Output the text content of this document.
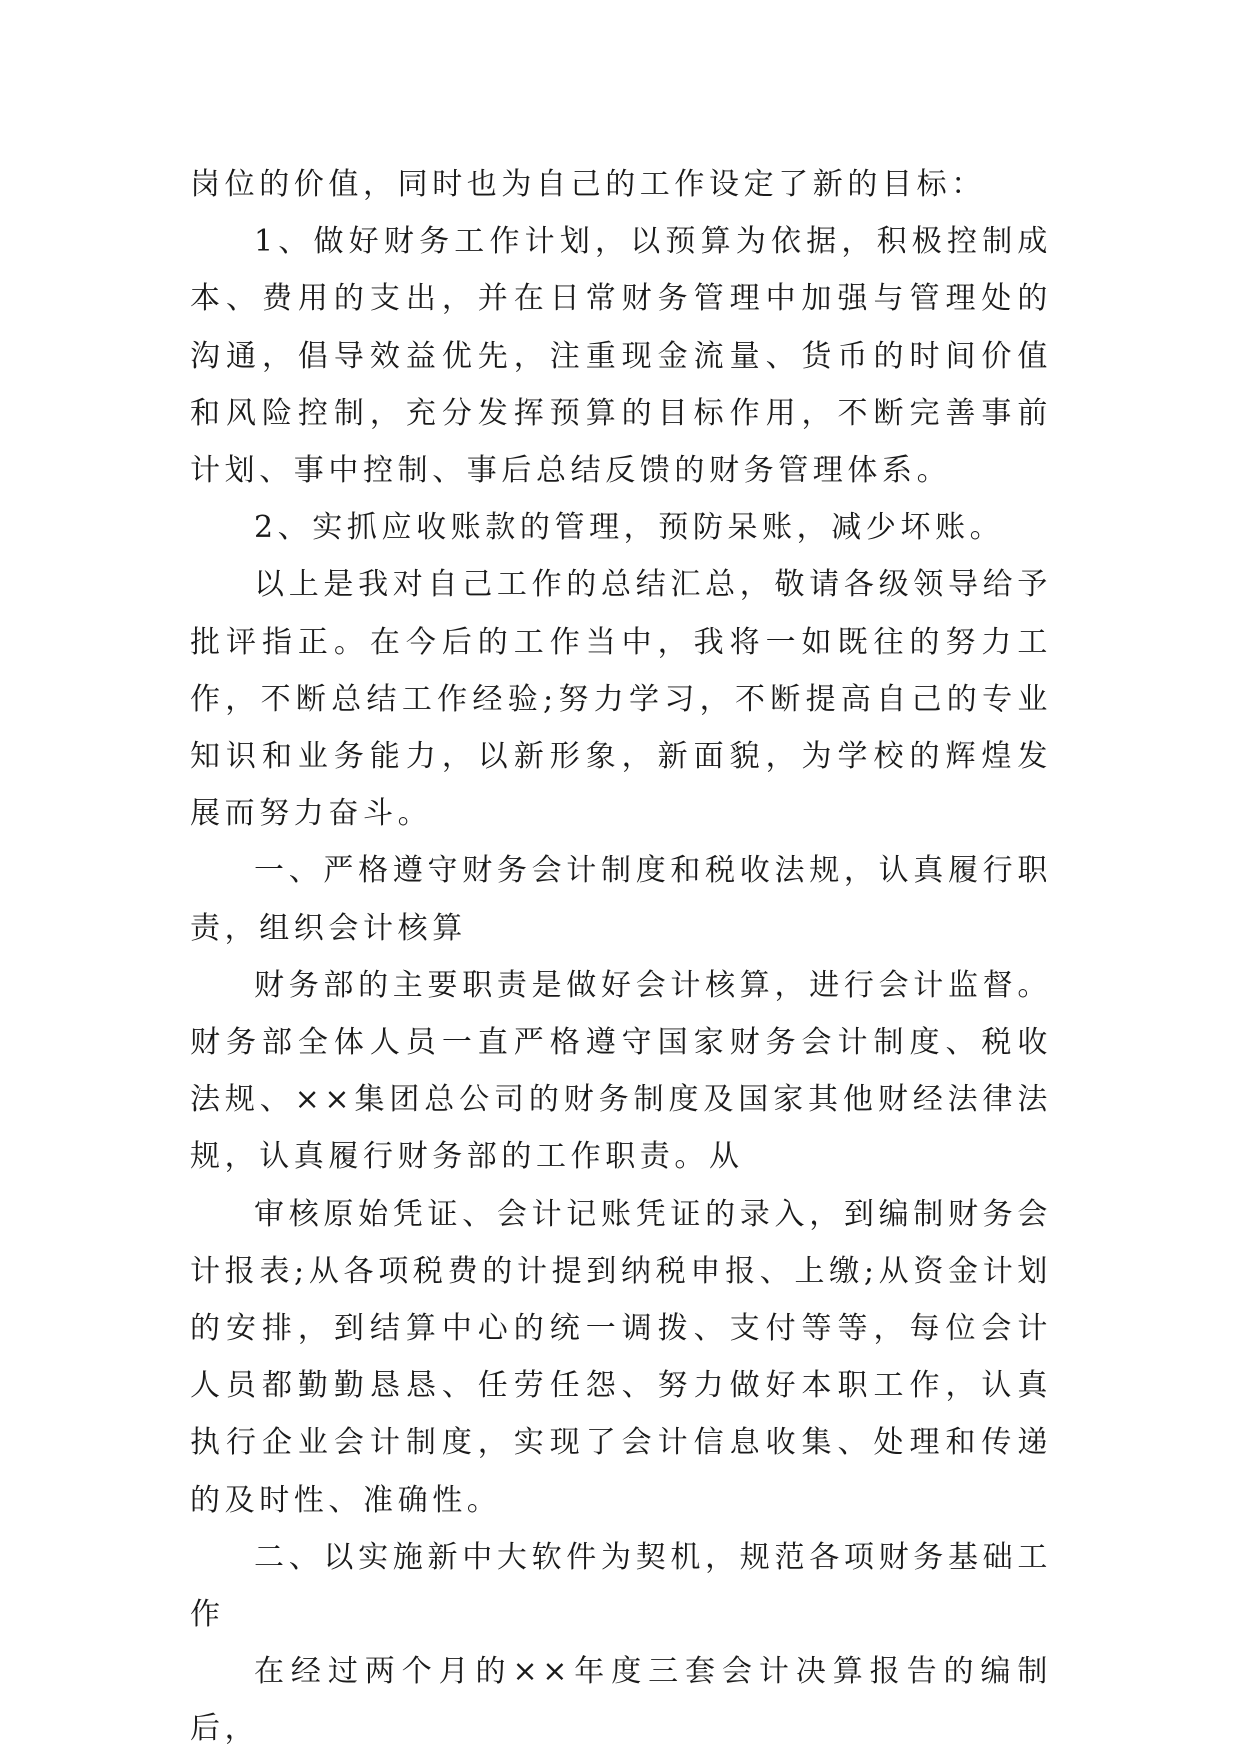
岗位的价值，同时也为自己的工作设定了新的目标：

1、做好财务工作计划，以预算为依据，积极控制成本、费用的支出，并在日常财务管理中加强与管理处的沟通，倡导效益优先，注重现金流量、货币的时间价值和风险控制，充分发挥预算的目标作用，不断完善事前计划、事中控制、事后总结反馈的财务管理体系。

2、实抓应收账款的管理，预防呆账，减少坏账。

以上是我对自己工作的总结汇总，敬请各级领导给予批评指正。在今后的工作当中，我将一如既往的努力工作，不断总结工作经验;努力学习，不断提高自己的专业知识和业务能力，以新形象，新面貌，为学校的辉煌发展而努力奋斗。

一、严格遵守财务会计制度和税收法规，认真履行职责，组织会计核算

财务部的主要职责是做好会计核算，进行会计监督。财务部全体人员一直严格遵守国家财务会计制度、税收法规、××集团总公司的财务制度及国家其他财经法律法规，认真履行财务部的工作职责。从

审核原始凭证、会计记账凭证的录入，到编制财务会计报表;从各项税费的计提到纳税申报、上缴;从资金计划的安排，到结算中心的统一调拨、支付等等，每位会计人员都勤勤恳恳、任劳任怨、努力做好本职工作，认真执行企业会计制度，实现了会计信息收集、处理和传递的及时性、准确性。

二、以实施新中大软件为契机，规范各项财务基础工作

在经过两个月的××年度三套会计决算报告的编制后，
